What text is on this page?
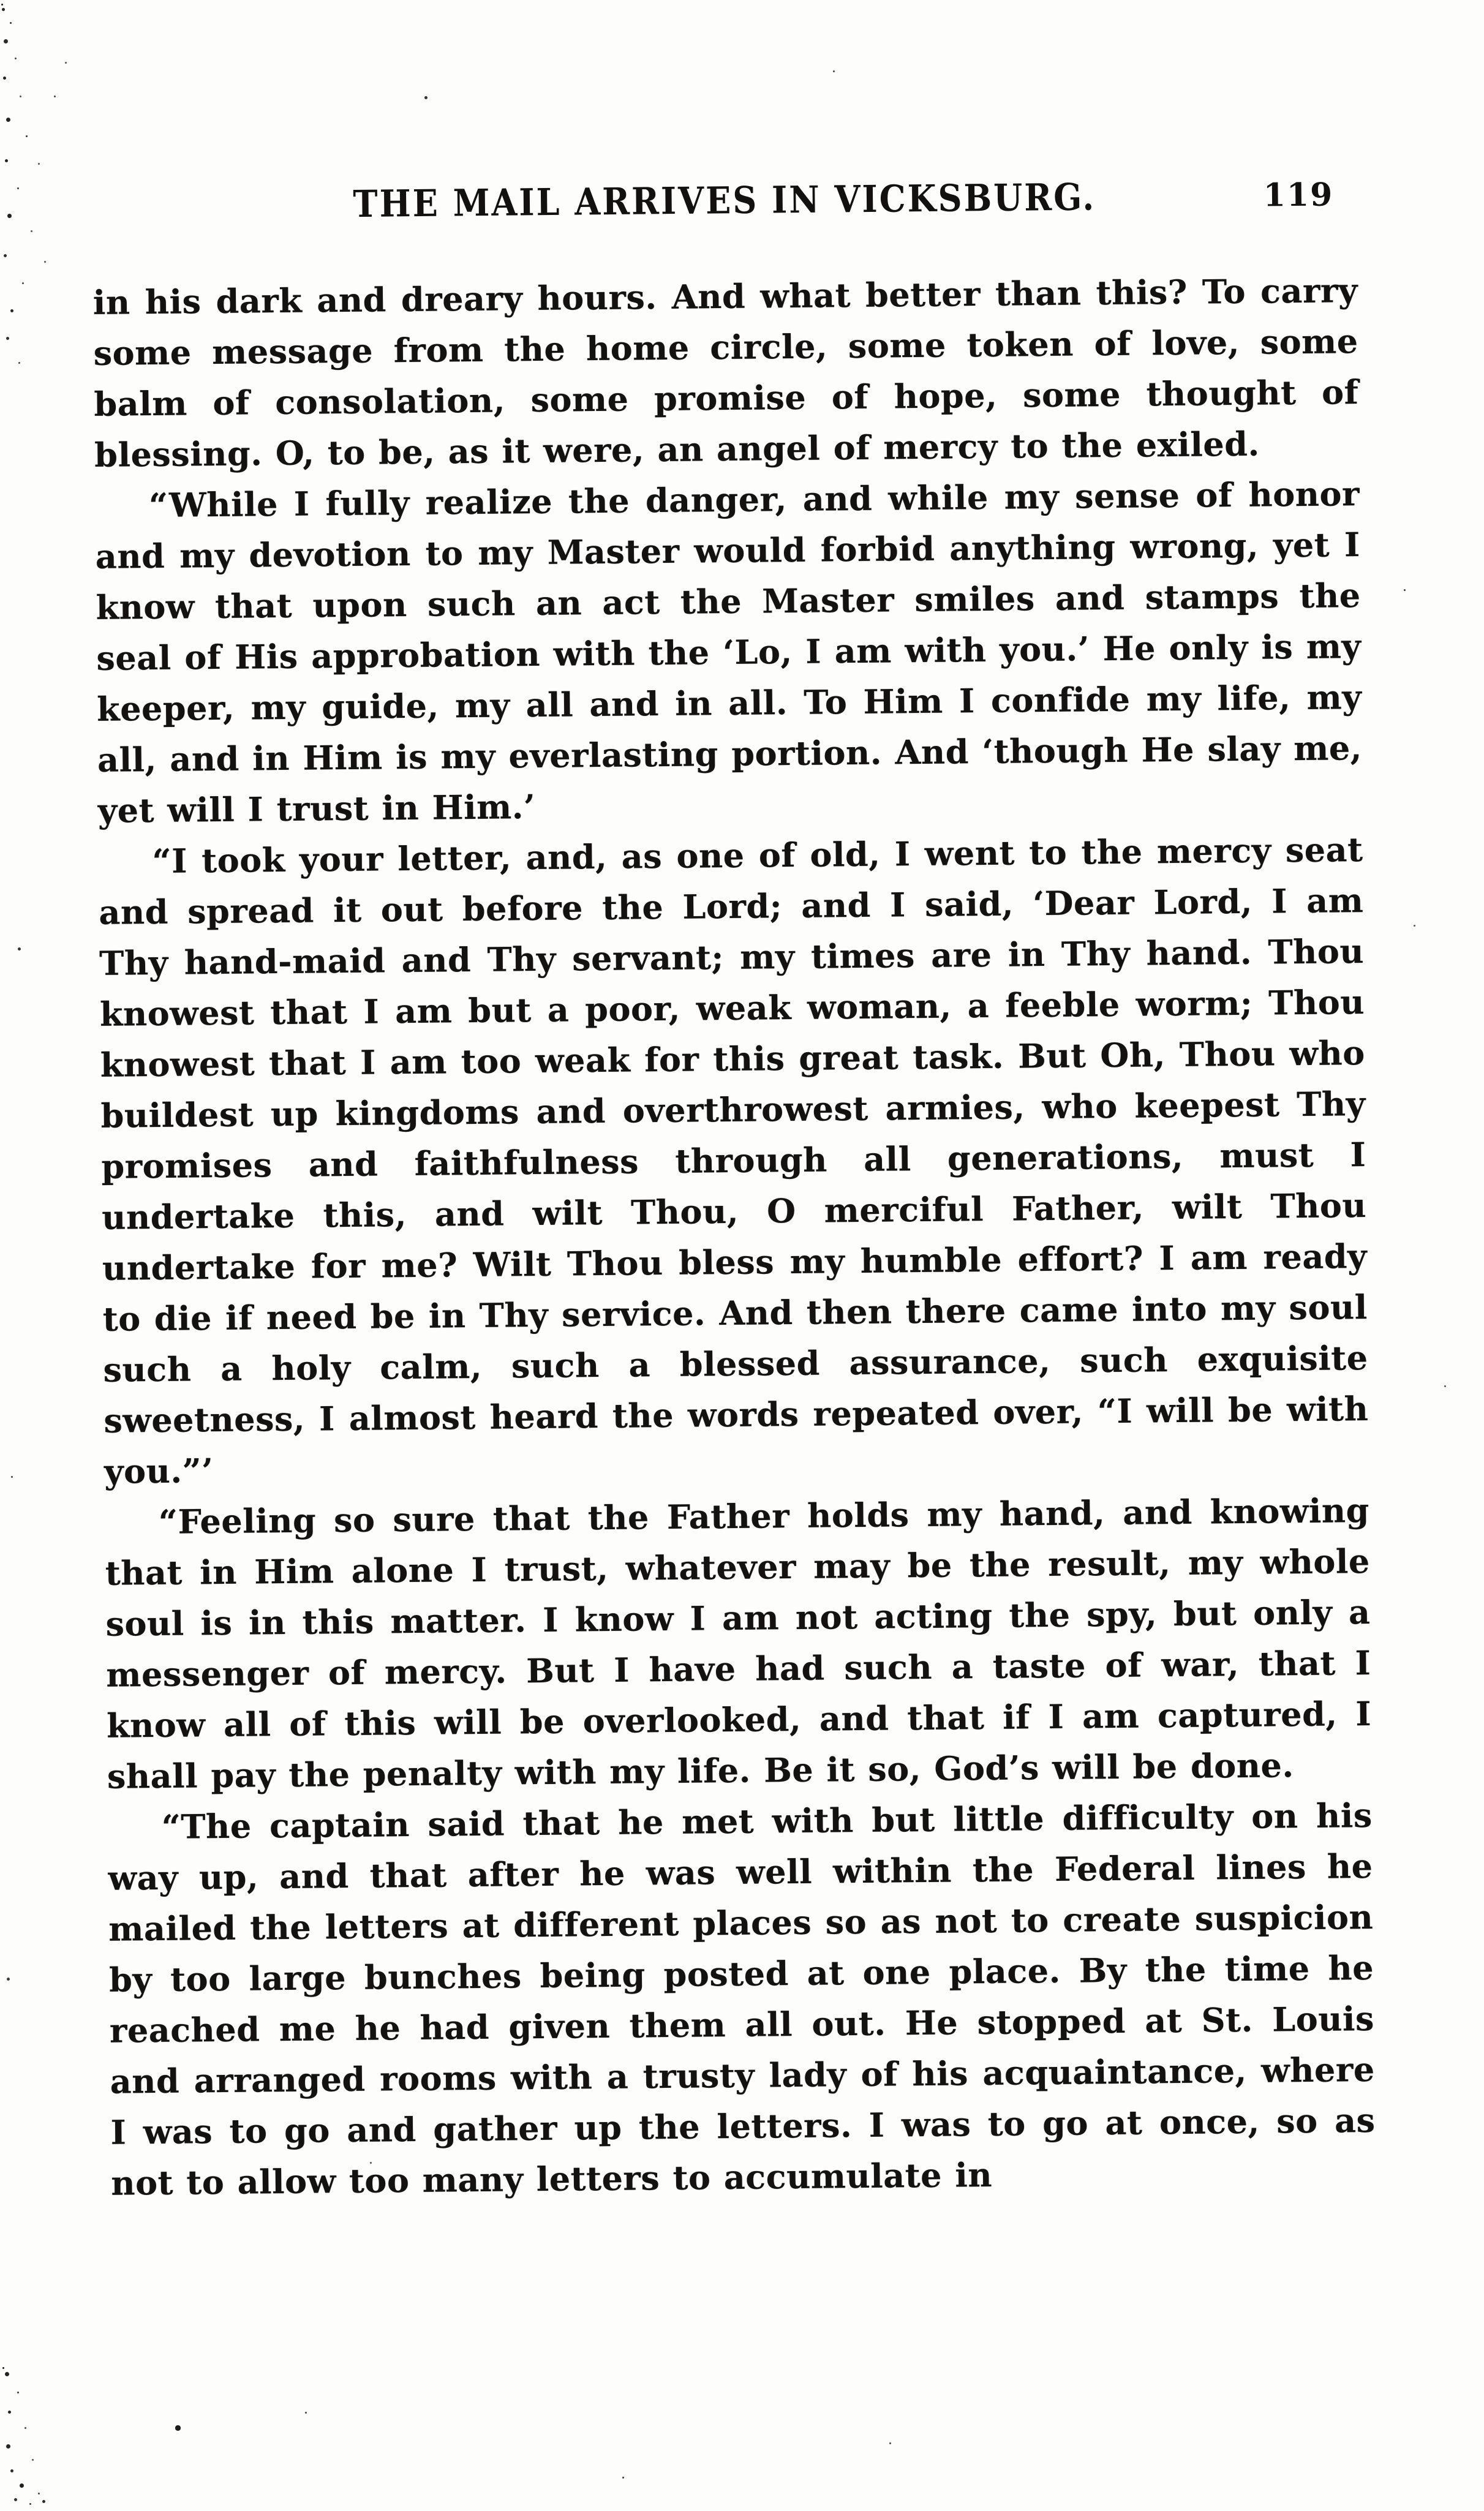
THE MAIL ARRIVES IN VICKSBURG.	119

in his dark and dreary hours. And what better than this? To carry some message from the home circle, some token of love, some balm of consolation, some promise of hope, some thought of blessing. O, to be, as it were, an angel of mercy to the exiled.

“While I fully realize the danger, and while my sense of honor and my devotion to my Master would forbid anything wrong, yet I know that upon such an act the Master smiles and stamps the seal of His approbation with the ‘Lo, I am with you.’ He only is my keeper, my guide, my all and in all. To Him I confide my life, my all, and in Him is my everlasting portion. And ‘though He slay me, yet will I trust in Him.’

“I took your letter, and, as one of old, I went to the mercy seat and spread it out before the Lord; and I said, ‘Dear Lord, I am Thy hand-maid and Thy servant; my times are in Thy hand. Thou knowest that I am but a poor, weak woman, a feeble worm; Thou knowest that I am too weak for this great task. But Oh, Thou who buildest up kingdoms and overthrowest armies, who keepest Thy promises and faithfulness through all generations, must I undertake this, and wilt Thou, O merciful Father, wilt Thou undertake for me? Wilt Thou bless my humble effort? I am ready to die if need be in Thy service. And then there came into my soul such a holy calm, such a blessed assurance, such exquisite sweetness, I almost heard the words repeated over, “I will be with you.”’

“Feeling so sure that the Father holds my hand, and knowing that in Him alone I trust, whatever may be the result, my whole soul is in this matter. I know I am not acting the spy, but only a messenger of mercy. But I have had such a taste of war, that I know all of this will be overlooked, and that if I am captured, I shall pay the penalty with my life. Be it so, God’s will be done.

“The captain said that he met with but little difficulty on his way up, and that after he was well within the Federal lines he mailed the letters at different places so as not to create suspicion by too large bunches being posted at one place. By the time he reached me he had given them all out. He stopped at St. Louis and arranged rooms with a trusty lady of his acquaintance, where I was to go and gather up the letters. I was to go at once, so as not to allow too many letters to accumulate in
